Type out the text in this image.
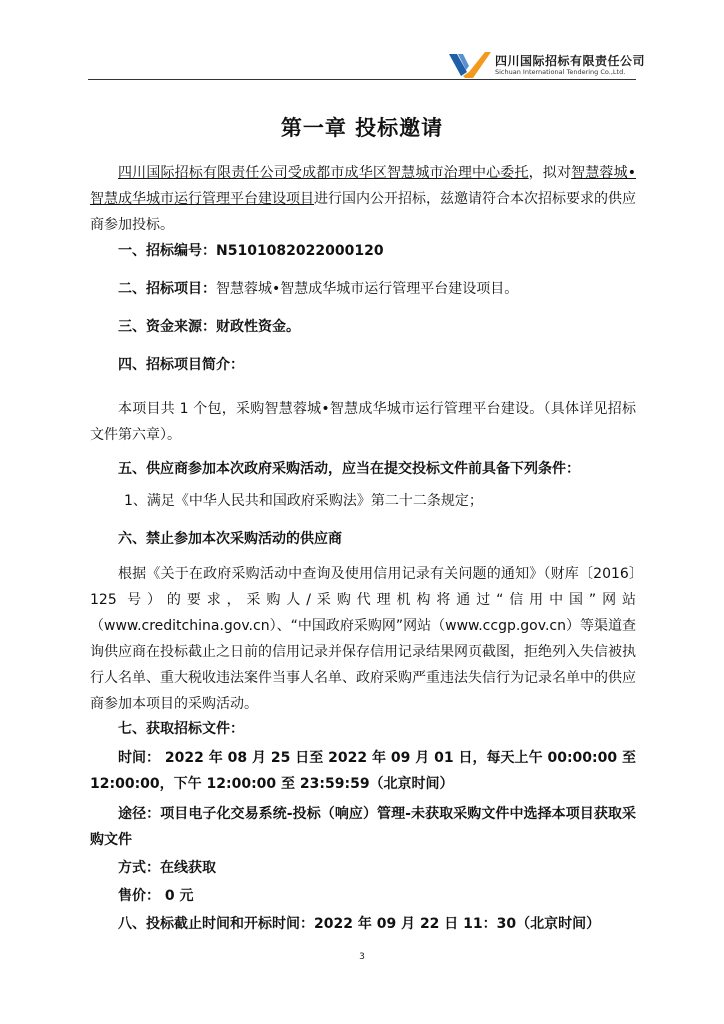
四川国际招标有限责任公司
Sichuan International Tendering Co.,Ltd.
第一章 投标邀请

四川国际招标有限责任公司受成都市成华区智慧城市治理中心委托，拟对智慧蓉城•智慧成华城市运行管理平台建设项目进行国内公开招标，兹邀请符合本次招标要求的供应商参加投标。

一、招标编号：N5101082022000120
二、招标项目：智慧蓉城•智慧成华城市运行管理平台建设项目。
三、资金来源：财政性资金。
四、招标项目简介：

本项目共 1 个包，采购智慧蓉城•智慧成华城市运行管理平台建设。（具体详见招标文件第六章）。

五、供应商参加本次政府采购活动，应当在提交投标文件前具备下列条件：
1、满足《中华人民共和国政府采购法》第二十二条规定；
六、禁止参加本次采购活动的供应商

根据《关于在政府采购活动中查询及使用信用记录有关问题的通知》（财库〔2016〕125 号）的要求，采购人/采购代理机构将通过“信用中国”网站（www.creditchina.gov.cn）、“中国政府采购网”网站（www.ccgp.gov.cn）等渠道查询供应商在投标截止之日前的信用记录并保存信用记录结果网页截图，拒绝列入失信被执行人名单、重大税收违法案件当事人名单、政府采购严重违法失信行为记录名单中的供应商参加本项目的采购活动。

七、获取招标文件：

时间： 2022 年 08 月 25 日至 2022 年 09 月 01 日，每天上午 00:00:00 至 12:00:00，下午 12:00:00 至 23:59:59（北京时间）

途径：项目电子化交易系统-投标（响应）管理-未获取采购文件中选择本项目获取采购文件

方式：在线获取
售价： 0 元
八、投标截止时间和开标时间：2022 年 09 月 22 日 11：30（北京时间）
3
